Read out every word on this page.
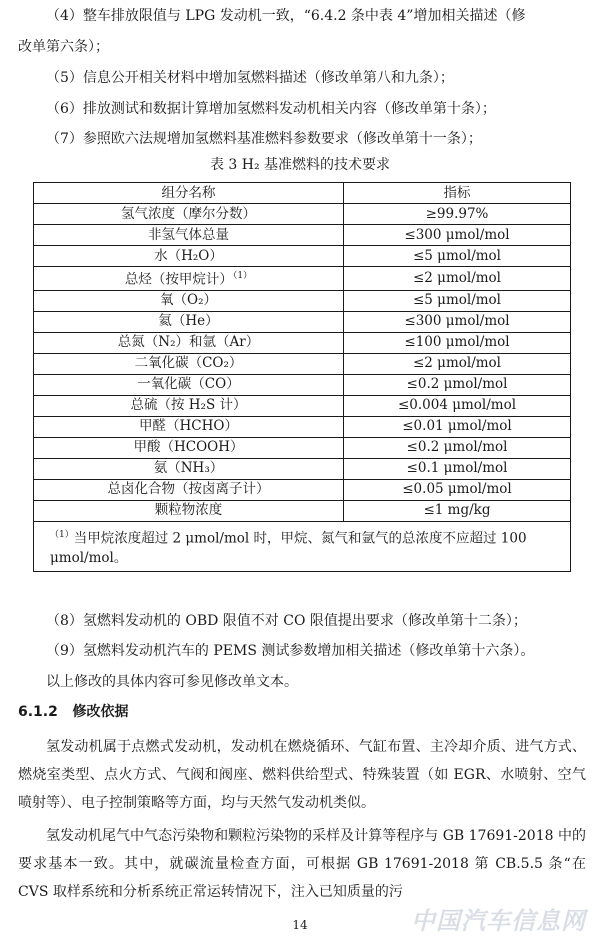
（4）整车排放限值与 LPG 发动机一致，“6.4.2 条中表 4”增加相关描述（修
改单第六条）；
（5）信息公开相关材料中增加氢燃料描述（修改单第八和九条）；
（6）排放测试和数据计算增加氢燃料发动机相关内容（修改单第十条）；
（7）参照欧六法规增加氢燃料基准燃料参数要求（修改单第十一条）；
表 3 H₂ 基准燃料的技术要求
组分名称	指标
氢气浓度（摩尔分数）	≥99.97%
非氢气体总量	≤300 μmol/mol
水（H₂O）	≤5 μmol/mol
总烃（按甲烷计）$^{(1)}$	≤2 μmol/mol
氧（O₂）	≤5 μmol/mol
氦（He）	≤300 μmol/mol
总氮（N₂）和氩（Ar）	≤100 μmol/mol
二氧化碳（CO₂）	≤2 μmol/mol
一氧化碳（CO）	≤0.2 μmol/mol
总硫（按 H₂S 计）	≤0.004 μmol/mol
甲醛（HCHO）	≤0.01 μmol/mol
甲酸（HCOOH）	≤0.2 μmol/mol
氨（NH₃）	≤0.1 μmol/mol
总卤化合物（按卤离子计）	≤0.05 μmol/mol
颗粒物浓度	≤1 mg/kg
$^{(1)}$当甲烷浓度超过 2 μmol/mol 时，甲烷、氮气和氩气的总浓度不应超过 100 μmol/mol。	
（8）氢燃料发动机的 OBD 限值不对 CO 限值提出要求（修改单第十二条）；
（9）氢燃料发动机汽车的 PEMS 测试参数增加相关描述（修改单第十六条）。
以上修改的具体内容可参见修改单文本。
6.1.2 修改依据
氢发动机属于点燃式发动机，发动机在燃烧循环、气缸布置、主冷却介质、进气方式、燃烧室类型、点火方式、气阀和阀座、燃料供给型式、特殊装置（如 EGR、水喷射、空气喷射等）、电子控制策略等方面，均与天然气发动机类似。
氢发动机尾气中气态污染物和颗粒污染物的采样及计算等程序与 GB 17691-2018 中的要求基本一致。其中，就碳流量检查方面，可根据 GB 17691-2018 第 CB.5.5 条“在 CVS 取样系统和分析系统正常运转情况下，注入已知质量的污
14	中国汽车信息网
